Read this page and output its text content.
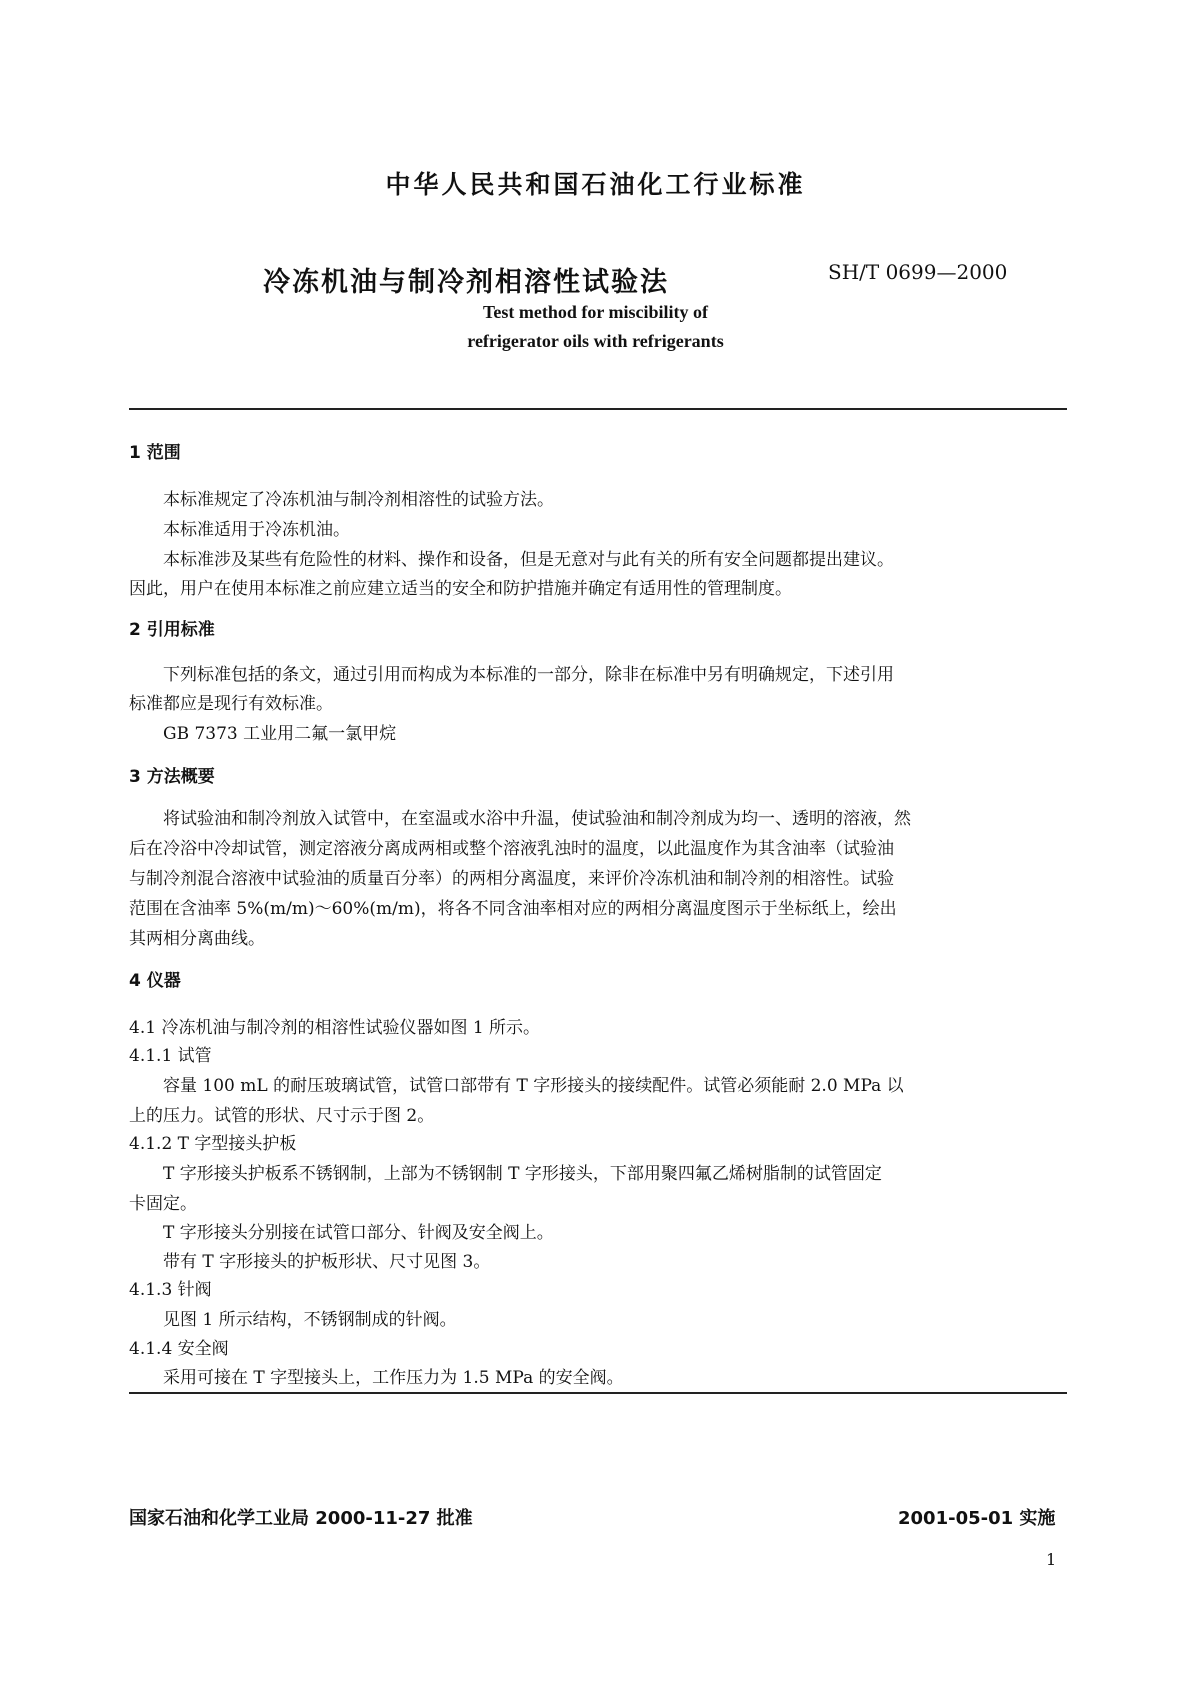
中华人民共和国石油化工行业标准
冷冻机油与制冷剂相溶性试验法	SH/T 0699—2000
Test method for miscibility of
refrigerator oils with refrigerants
1 范围
本标准规定了冷冻机油与制冷剂相溶性的试验方法。
本标准适用于冷冻机油。
本标准涉及某些有危险性的材料、操作和设备，但是无意对与此有关的所有安全问题都提出建议。
因此，用户在使用本标准之前应建立适当的安全和防护措施并确定有适用性的管理制度。
2 引用标准
下列标准包括的条文，通过引用而构成为本标准的一部分，除非在标准中另有明确规定，下述引用
标准都应是现行有效标准。
GB 7373 工业用二氟一氯甲烷
3 方法概要
将试验油和制冷剂放入试管中，在室温或水浴中升温，使试验油和制冷剂成为均一、透明的溶液，然
后在冷浴中冷却试管，测定溶液分离成两相或整个溶液乳浊时的温度，以此温度作为其含油率（试验油
与制冷剂混合溶液中试验油的质量百分率）的两相分离温度，来评价冷冻机油和制冷剂的相溶性。试验
范围在含油率 5%(m/m)～60%(m/m)，将各不同含油率相对应的两相分离温度图示于坐标纸上，绘出
其两相分离曲线。
4 仪器
4.1 冷冻机油与制冷剂的相溶性试验仪器如图 1 所示。
4.1.1 试管
容量 100 mL 的耐压玻璃试管，试管口部带有 T 字形接头的接续配件。试管必须能耐 2.0 MPa 以
上的压力。试管的形状、尺寸示于图 2。
4.1.2 T 字型接头护板
T 字形接头护板系不锈钢制，上部为不锈钢制 T 字形接头，下部用聚四氟乙烯树脂制的试管固定
卡固定。
T 字形接头分别接在试管口部分、针阀及安全阀上。
带有 T 字形接头的护板形状、尺寸见图 3。
4.1.3 针阀
见图 1 所示结构，不锈钢制成的针阀。
4.1.4 安全阀
采用可接在 T 字型接头上，工作压力为 1.5 MPa 的安全阀。
国家石油和化学工业局 2000-11-27 批准	2001-05-01 实施
1
